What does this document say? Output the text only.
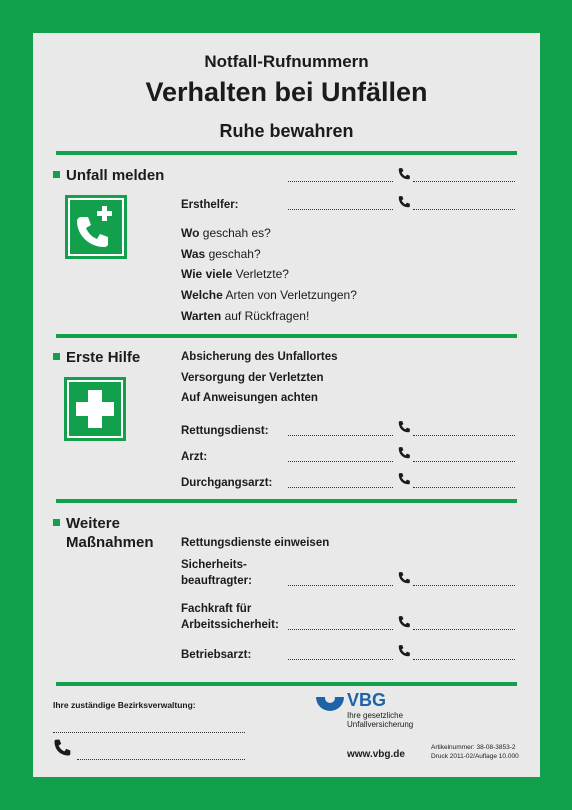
Notfall-Rufnummern
Verhalten bei Unfällen
Ruhe bewahren
Unfall melden
Ersthelfer:
Wo geschah es?
Was geschah?
Wie viele Verletzte?
Welche Arten von Verletzungen?
Warten auf Rückfragen!
Erste Hilfe	Absicherung des Unfallortes
Versorgung der Verletzten
Auf Anweisungen achten
Rettungsdienst:
Arzt:
Durchgangsarzt:
Weitere
Maßnahmen Rettungsdienste einweisen
Sicherheits-
beauftragter:
Fachkraft für
Arbeitssicherheit:
Betriebsarzt:
Ihre zuständige Bezirksverwaltung:	VBG
Ihre gesetzliche
Unfallversicherung
www.vbg.de
Artikelnummer: 38-08-3853-2
Druck 2011-02/Auflage 10.000
